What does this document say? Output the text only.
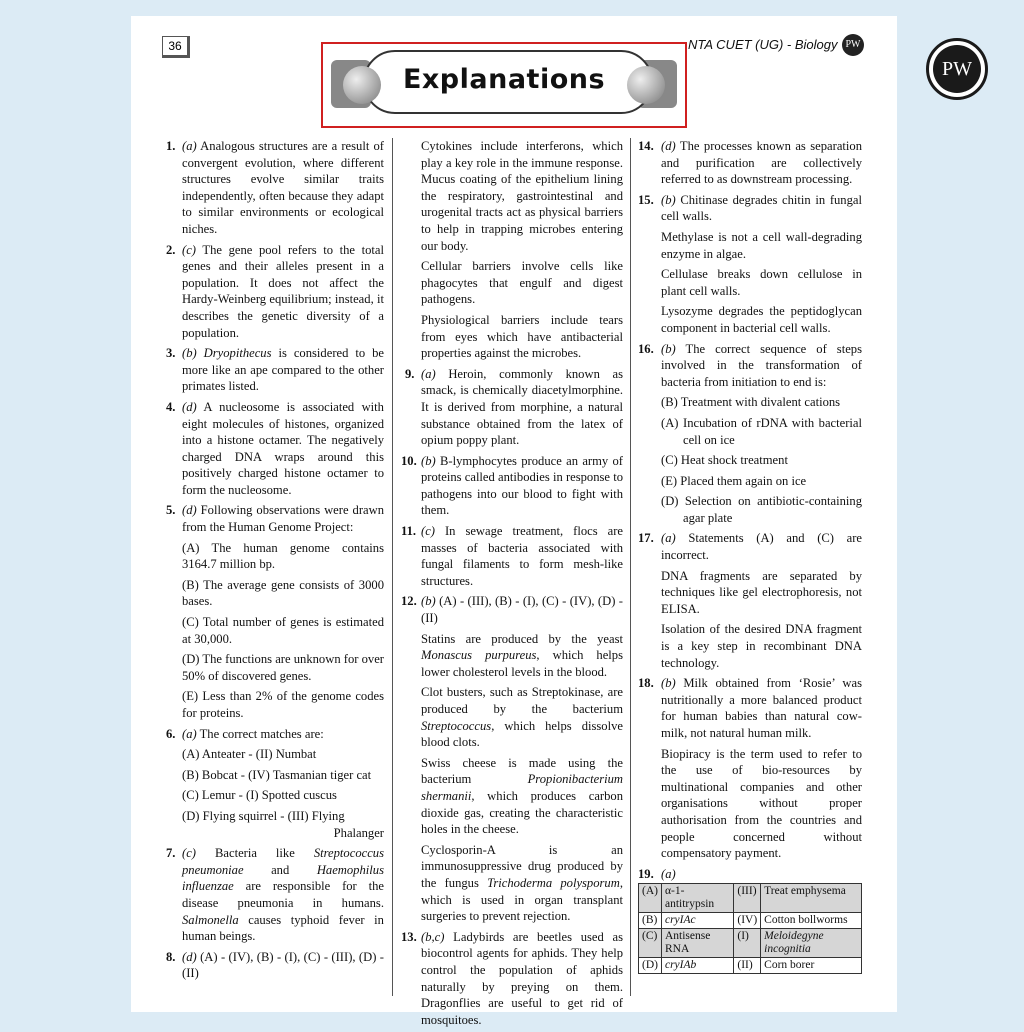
36	NTA CUET (UG) - Biology PW
PW
Explanations
1. (a) Analogous structures are a result of convergent evolution, where different structures evolve similar traits independently, often because they adapt to similar environments or ecological niches.
2. (c) The gene pool refers to the total genes and their alleles present in a population. It does not affect the Hardy-Weinberg equilibrium; instead, it describes the genetic diversity of a population.
3. (b) Dryopithecus is considered to be more like an ape compared to the other primates listed.
4. (d) A nucleosome is associated with eight molecules of histones, organized into a histone octamer. The negatively charged DNA wraps around this positively charged histone octamer to form the nucleosome.
5. (d) Following observations were drawn from the Human Genome Project:
(A) The human genome contains 3164.7 million bp.
(B) The average gene consists of 3000 bases.
(C) Total number of genes is estimated at 30,000.
(D) The functions are unknown for over 50% of discovered genes.
(E) Less than 2% of the genome codes for proteins.
6. (a) The correct matches are:
(A) Anteater - (II) Numbat
(B) Bobcat - (IV) Tasmanian tiger cat
(C) Lemur - (I) Spotted cuscus
(D) Flying squirrel - (III) Flying
Phalanger
7. (c) Bacteria like Streptococcus pneumoniae and Haemophilus influenzae are responsible for the disease pneumonia in humans. Salmonella causes typhoid fever in human beings.
8. (d) (A) - (IV), (B) - (I), (C) - (III), (D) - (II)
Cytokines include interferons, which play a key role in the immune response. Mucus coating of the epithelium lining the respiratory, gastrointestinal and urogenital tracts act as physical barriers to help in trapping microbes entering our body.
Cellular barriers involve cells like phagocytes that engulf and digest pathogens.
Physiological barriers include tears from eyes which have antibacterial properties against the microbes.
9. (a) Heroin, commonly known as smack, is chemically diacetylmorphine. It is derived from morphine, a natural substance obtained from the latex of opium poppy plant.
10. (b) B-lymphocytes produce an army of proteins called antibodies in response to pathogens into our blood to fight with them.
11. (c) In sewage treatment, flocs are masses of bacteria associated with fungal filaments to form mesh-like structures.
12. (b) (A) - (III), (B) - (I), (C) - (IV), (D) - (II)
Statins are produced by the yeast Monascus purpureus, which helps lower cholesterol levels in the blood.
Clot busters, such as Streptokinase, are produced by the bacterium Streptococcus, which helps dissolve blood clots.
Swiss cheese is made using the bacterium	Propionibacterium shermanii, which produces carbon dioxide gas, creating the characteristic holes in the cheese.
Cyclosporin-A is an immunosuppressive drug produced by the fungus Trichoderma polysporum, which is used in organ transplant surgeries to prevent rejection.
13. (b,c) Ladybirds are beetles used as biocontrol agents for aphids. They help control the population of aphids naturally by preying on them. Dragonflies are useful to get rid of mosquitoes.
14. (d) The processes known as separation and purification are collectively referred to as downstream processing.
15. (b) Chitinase degrades chitin in fungal cell walls.
Methylase is not a cell wall-degrading enzyme in algae.
Cellulase breaks down cellulose in plant cell walls.
Lysozyme degrades the peptidoglycan component in bacterial cell walls.
16. (b) The correct sequence of steps involved in the transformation of bacteria from initiation to end is:
(B) Treatment with divalent cations
(A) Incubation of rDNA with bacterial cell on ice
(C) Heat shock treatment
(E) Placed them again on ice
(D) Selection on antibiotic-containing agar plate
17. (a) Statements (A) and (C) are incorrect.
DNA fragments are separated by techniques like gel electrophoresis, not ELISA.
Isolation of the desired DNA fragment is a key step in recombinant DNA technology.
18. (b) Milk obtained from ‘Rosie’ was nutritionally a more balanced product for human babies than natural cow-milk, not natural human milk.
Biopiracy is the term used to refer to the use of bio-resources by multinational companies and other organisations without proper authorisation from the countries and people concerned without compensatory payment.
19. (a)
(A)	α-1-antitrypsin	(III)	Treat emphysema
(B)	cryIAc	(IV)	Cotton bollworms
(C)	Antisense RNA	(I)	Meloidegyne incognitia
(D)	cryIAb	(II)	Corn borer
